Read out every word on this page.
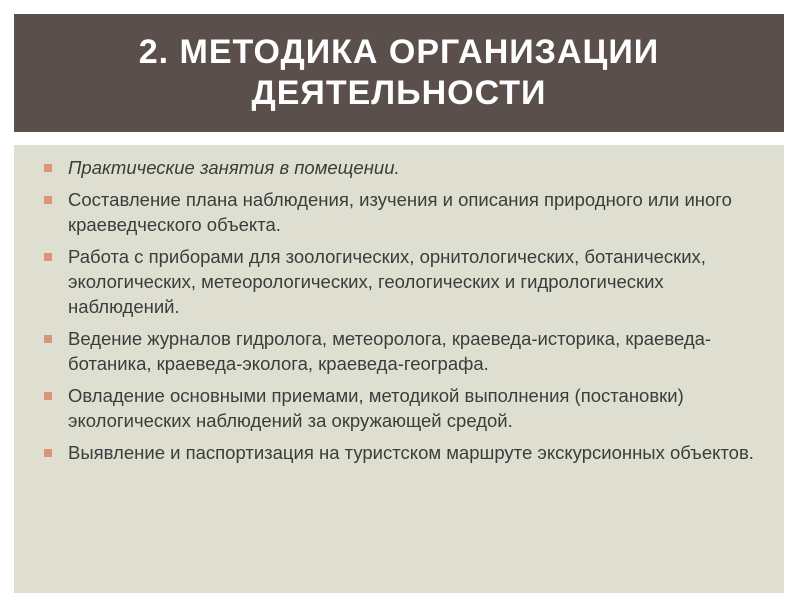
2. МЕТОДИКА ОРГАНИЗАЦИИ ДЕЯТЕЛЬНОСТИ
Практические занятия в помещении.
Составление плана наблюдения, изучения и описания природного или иного краеведческого объекта.
Работа с приборами для зоологических, орнитологических, ботанических, экологических, метеорологических, геологических и гидрологических наблюдений.
Ведение журналов гидролога, метеоролога, краеведа-историка, краеведа-ботаника, краеведа-эколога, краеведа-географа.
Овладение основными приемами, методикой выполнения (постановки) экологических наблюдений за окружающей средой.
Выявление и паспортизация на туристском маршруте экскурсионных объектов.
